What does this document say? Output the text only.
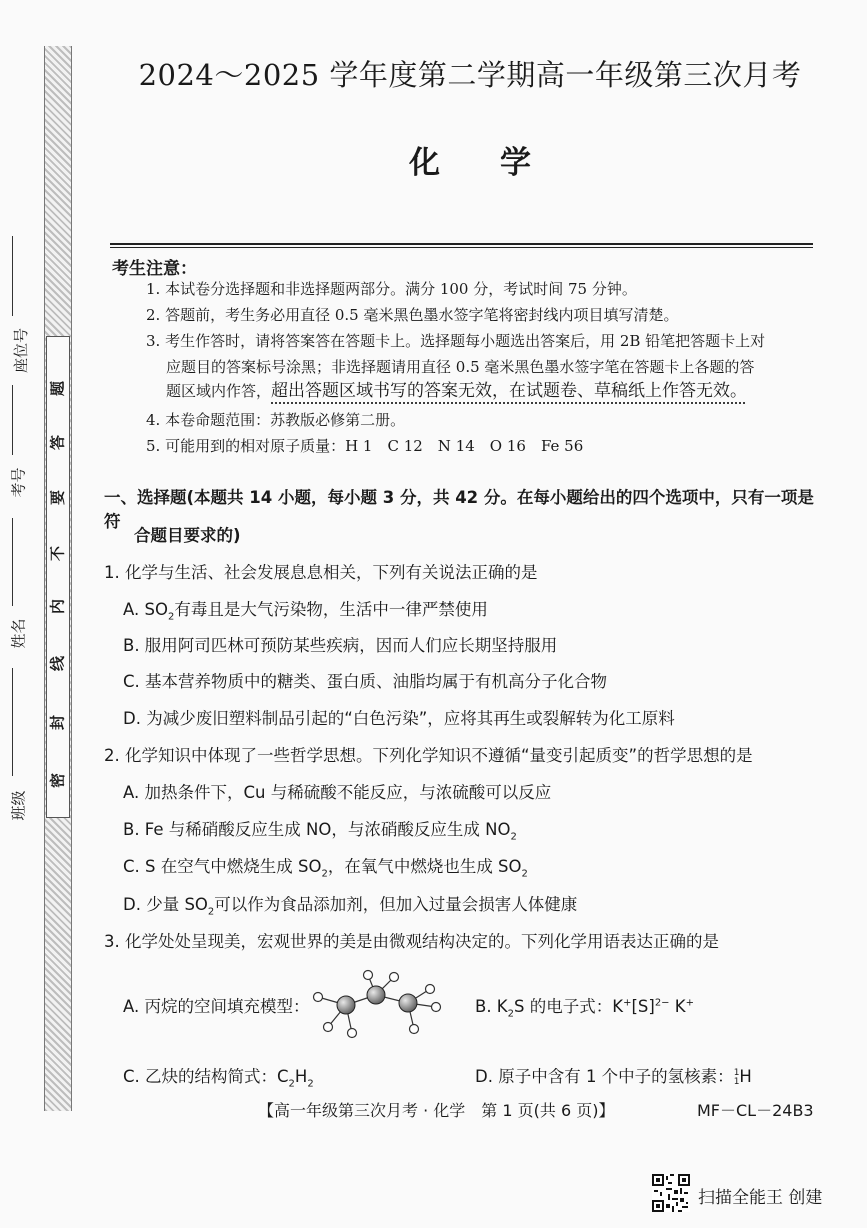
密
封
线
内
不
要
答
题
座位号
考号
姓名
班级
2024～2025 学年度第二学期高一年级第三次月考
化学
考生注意：
1. 本试卷分选择题和非选择题两部分。满分 100 分，考试时间 75 分钟。
2. 答题前，考生务必用直径 0.5 毫米黑色墨水签字笔将密封线内项目填写清楚。
3. 考生作答时，请将答案答在答题卡上。选择题每小题选出答案后，用 2B 铅笔把答题卡上对
应题目的答案标号涂黑；非选择题请用直径 0.5 毫米黑色墨水签字笔在答题卡上各题的答
题区域内作答，超出答题区域书写的答案无效，在试题卷、草稿纸上作答无效。
4. 本卷命题范围：苏教版必修第二册。
5. 可能用到的相对原子质量：H 1　C 12　N 14　O 16　Fe 56
一、选择题(本题共 14 小题，每小题 3 分，共 42 分。在每小题给出的四个选项中，只有一项是符
合题目要求的)
1. 化学与生活、社会发展息息相关，下列有关说法正确的是
A. $SO_2$有毒且是大气污染物，生活中一律严禁使用
B. 服用阿司匹林可预防某些疾病，因而人们应长期坚持服用
C. 基本营养物质中的糖类、蛋白质、油脂均属于有机高分子化合物
D. 为减少废旧塑料制品引起的“白色污染”，应将其再生或裂解转为化工原料
2. 化学知识中体现了一些哲学思想。下列化学知识不遵循“量变引起质变”的哲学思想的是
A. 加热条件下，Cu 与稀硫酸不能反应，与浓硫酸可以反应
B. Fe 与稀硝酸反应生成 NO，与浓硝酸反应生成 $NO_2$
C. S 在空气中燃烧生成 $SO_2$，在氧气中燃烧也生成 $SO_2$
D. 少量 $SO_2$可以作为食品添加剂，但加入过量会损害人体健康
3. 化学处处呈现美，宏观世界的美是由微观结构决定的。下列化学用语表达正确的是
A. 丙烷的空间填充模型：	B. $K_2S$ 的电子式：$K^+[S]^{2-}$ K+
C. 乙炔的结构简式：$C_2H_2$	D. 原子中含有 1 个中子的氢核素：1
1H
【高一年级第三次月考 · 化学　第 1 页(共 6 页)】	MF－CL－24B3
扫描全能王 创建
